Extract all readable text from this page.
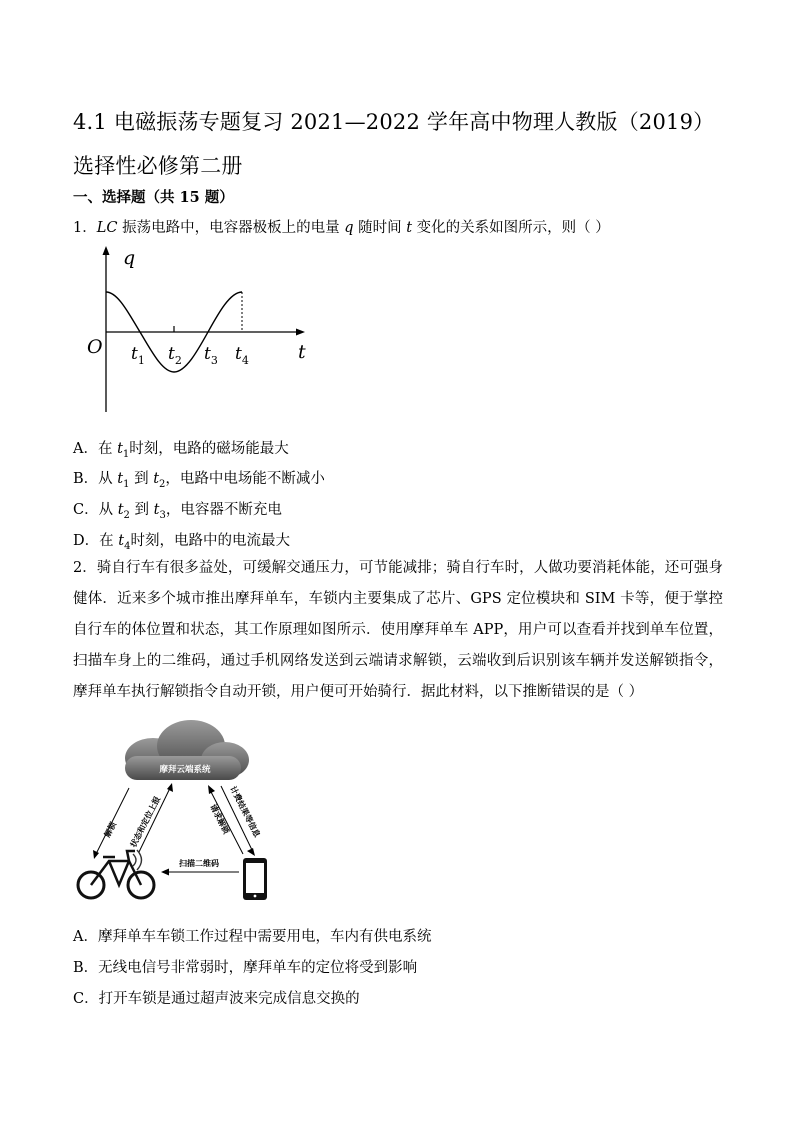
4.1 电磁振荡专题复习 2021—2022 学年高中物理人教版（2019）选择性必修第二册
一、选择题（共 15 题）
1．LC 振荡电路中，电容器极板上的电量 q 随时间 t 变化的关系如图所示，则（ ）
q
t
O $t_1$ $t_2$ $t_3$ $t_4$
A．在 $t_1$时刻，电路的磁场能最大
B．从 $t_1$ 到 $t_2$，电路中电场能不断减小
C．从 $t_2$ 到 $t_3$，电容器不断充电
D．在 $t_4$时刻，电路中的电流最大
2．骑自行车有很多益处，可缓解交通压力，可节能减排；骑自行车时，人做功要消耗体能，还可强身健体．近来多个城市推出摩拜单车，车锁内主要集成了芯片、GPS 定位模块和 SIM 卡等，便于掌控自行车的体位置和状态，其工作原理如图所示．使用摩拜单车 APP，用户可以查看并找到单车位置，扫描车身上的二维码，通过手机网络发送到云端请求解锁，云端收到后识别该车辆并发送解锁指令，摩拜单车执行解锁指令自动开锁，用户便可开始骑行．据此材料，以下推断错误的是（ ）
摩拜云端系统
解锁 状态和定位上报	计费结果等信息
请求解锁
扫描二维码
A．摩拜单车车锁工作过程中需要用电，车内有供电系统
B．无线电信号非常弱时，摩拜单车的定位将受到影响
C．打开车锁是通过超声波来完成信息交换的
